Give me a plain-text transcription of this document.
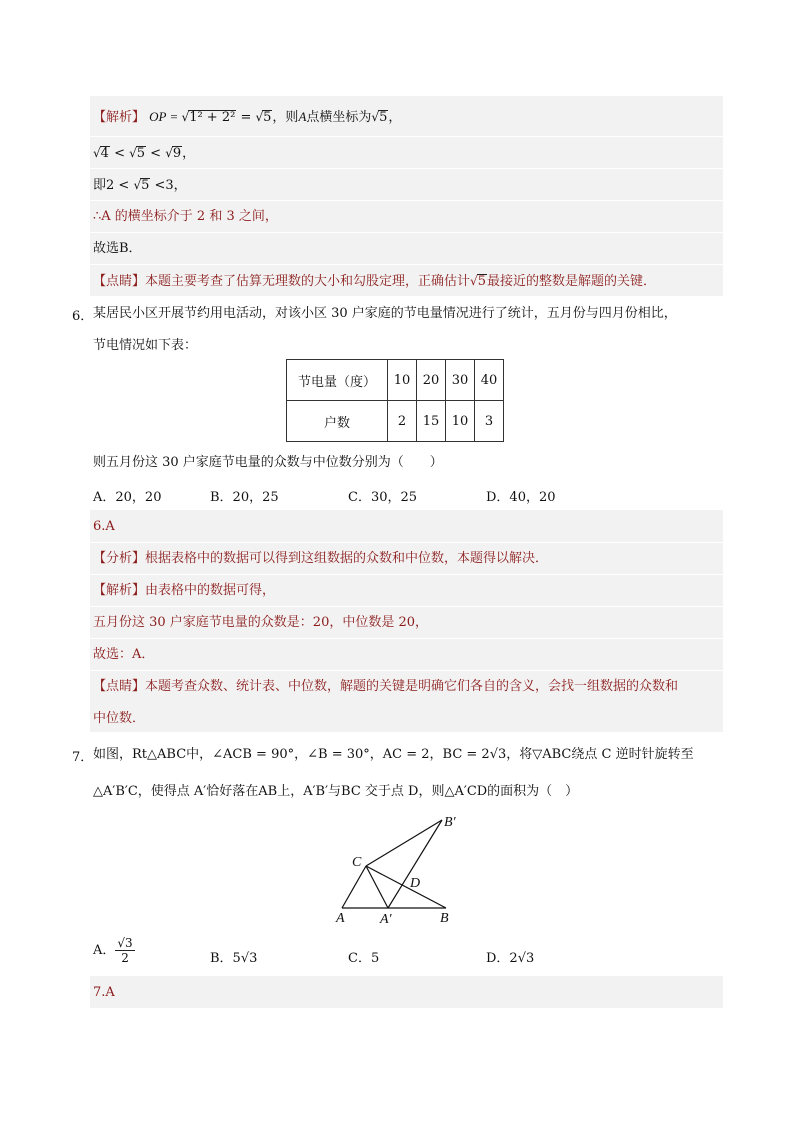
【解析】 OP = √1² + 2² = √5，则A点横坐标为√5，
√4 < √5 < √9，
即2 < √5 <3，
∴A 的横坐标介于 2 和 3 之间，
故选B．
【点睛】本题主要考查了估算无理数的大小和勾股定理，正确估计√5最接近的整数是解题的关键．
6． 某居民小区开展节约用电活动，对该小区 30 户家庭的节电量情况进行了统计，五月份与四月份相比，
节电情况如下表：
节电量（度）	10	20	30	40
户数	2	15	10	3
则五月份这 30 户家庭节电量的众数与中位数分别为（　　）
A．20，20	B．20，25	C．30，25	D．40，20
6.A
【分析】根据表格中的数据可以得到这组数据的众数和中位数，本题得以解决．
【解析】由表格中的数据可得，
五月份这 30 户家庭节电量的众数是：20，中位数是 20，
故选：A．
【点睛】本题考查众数、统计表、中位数，解题的关键是明确它们各自的含义，会找一组数据的众数和
中位数．
7． 如图，Rt△ABC中，∠ACB = 90°，∠B = 30°，AC = 2，BC = 2√3，将▽ABC绕点 C 逆时针旋转至
△A′B′C，使得点 A′恰好落在AB上，A′B′与BC 交于点 D，则△A′CD的面积为（　）
A	B
C
D
A′
B′
A． $\frac{√3}{2}$	B．5√3	C．5	D．2√3
7.A
